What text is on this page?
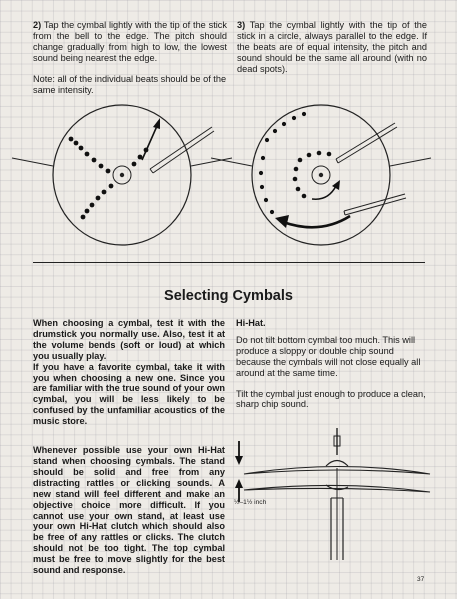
2) Tap the cymbal lightly with the tip of the stick from the bell to the edge. The pitch should change gradually from high to low, the lowest sound being nearest the edge.

Note: all of the individual beats should be of the same intensity.

3) Tap the cymbal lightly with the tip of the stick in a circle, always parallel to the edge. If the beats are of equal intensity, the pitch and sound should be the same all around (with no dead spots).

Selecting Cymbals

When choosing a cymbal, test it with the drumstick you normally use. Also, test it at the volume bends (soft or loud) at which you usually play.

If you have a favorite cymbal, take it with you when choosing a new one. Since you are familiar with the true sound of your own cymbal, you will be less likely to be confused by the unfamiliar acoustics of the music store.

Whenever possible use your own Hi-Hat stand when choosing cymbals. The stand should be solid and free from any distracting rattles or clicking sounds. A new stand will feel different and make an objective choice more difficult. If you cannot use your own stand, at least use your own Hi-Hat clutch which should also be free of any rattles or clicks. The clutch should not be too tight. The top cymbal must be free to move slightly for the best sound and response.

Hi-Hat.

Do not tilt bottom cymbal too much. This will produce a sloppy or double chip sound because the cymbals will not close equally all around at the same time.

Tilt the cymbal just enough to produce a clean, sharp chip sound.

½–1½ inch
37
